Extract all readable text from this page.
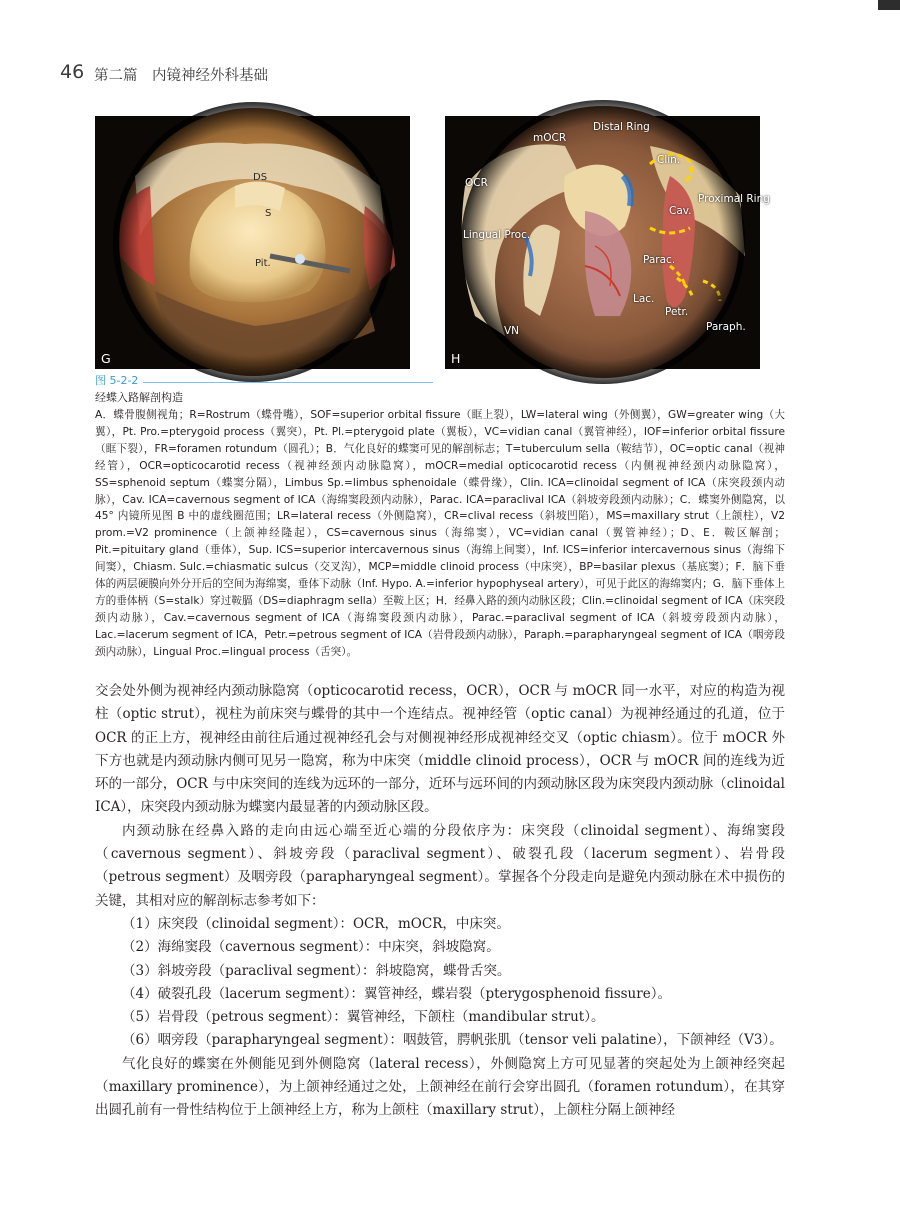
46 第二篇　内镜神经外科基础
DS
S
Pit.
G
Distal Ring
mOCR
Clin.
OCR
Proximal Ring
Cav.
Lingual Proc.
Parac.
Lac.
Petr.
Paraph.
VN
H
图 5-2-2
经蝶入路解剖构造
A．蝶骨腹侧视角；R=Rostrum（蝶骨嘴），SOF=superior orbital fissure（眶上裂），LW=lateral wing（外侧翼），GW=greater wing（大翼），Pt. Pro.=pterygoid process（翼突），Pt. Pl.=pterygoid plate（翼板），VC=vidian canal（翼管神经），IOF=inferior orbital fissure（眶下裂），FR=foramen rotundum（圆孔）；B．气化良好的蝶窦可见的解剖标志；T=tuberculum sella（鞍结节），OC=optic canal（视神经管），OCR=opticocarotid recess（视神经颈内动脉隐窝），mOCR=medial opticocarotid recess（内侧视神经颈内动脉隐窝），SS=sphenoid septum（蝶窦分隔），Limbus Sp.=limbus sphenoidale（蝶骨缘），Clin. ICA=clinoidal segment of ICA（床突段颈内动脉），Cav. ICA=cavernous segment of ICA（海绵窦段颈内动脉），Parac. ICA=paraclival ICA（斜坡旁段颈内动脉）；C．蝶窦外侧隐窝，以 45° 内镜所见图 B 中的虚线圈范围；LR=lateral recess（外侧隐窝），CR=clival recess（斜坡凹陷），MS=maxillary strut（上颌柱），V2 prom.=V2 prominence（上颌神经隆起），CS=cavernous sinus（海绵窦），VC=vidian canal（翼管神经）；D、E．鞍区解剖；Pit.=pituitary gland（垂体），Sup. ICS=superior intercavernous sinus（海绵上间窦），Inf. ICS=inferior intercavernous sinus（海绵下间窦），Chiasm. Sulc.=chiasmatic sulcus（交叉沟），MCP=middle clinoid process（中床突），BP=basilar plexus（基底窦）；F．脑下垂体的两层硬膜向外分开后的空间为海绵窦，垂体下动脉（Inf. Hypo. A.=inferior hypophyseal artery），可见于此区的海绵窦内；G．脑下垂体上方的垂体柄（S=stalk）穿过鞍膈（DS=diaphragm sella）至鞍上区；H．经鼻入路的颈内动脉区段；Clin.=clinoidal segment of ICA（床突段颈内动脉），Cav.=cavernous segment of ICA（海绵窦段颈内动脉），Parac.=paraclival segment of ICA（斜坡旁段颈内动脉），Lac.=lacerum segment of ICA，Petr.=petrous segment of ICA（岩骨段颈内动脉），Paraph.=parapharyngeal segment of ICA（咽旁段颈内动脉），Lingual Proc.=lingual process（舌突）。

交会处外侧为视神经内颈动脉隐窝（opticocarotid recess，OCR），OCR 与 mOCR 同一水平，对应的构造为视柱（optic strut），视柱为前床突与蝶骨的其中一个连结点。视神经管（optic canal）为视神经通过的孔道，位于 OCR 的正上方，视神经由前往后通过视神经孔会与对侧视神经形成视神经交叉（optic chiasm）。位于 mOCR 外下方也就是内颈动脉内侧可见另一隐窝，称为中床突（middle clinoid process），OCR 与 mOCR 间的连线为近环的一部分，OCR 与中床突间的连线为远环的一部分，近环与远环间的内颈动脉区段为床突段内颈动脉（clinoidal ICA），床突段内颈动脉为蝶窦内最显著的内颈动脉区段。

内颈动脉在经鼻入路的走向由远心端至近心端的分段依序为：床突段（clinoidal segment）、海绵窦段（cavernous segment）、斜坡旁段（paraclival segment）、破裂孔段（lacerum segment）、岩骨段（petrous segment）及咽旁段（parapharyngeal segment）。掌握各个分段走向是避免内颈动脉在术中损伤的关键，其相对应的解剖标志参考如下：

（1）床突段（clinoidal segment）：OCR，mOCR，中床突。
（2）海绵窦段（cavernous segment）：中床突，斜坡隐窝。
（3）斜坡旁段（paraclival segment）：斜坡隐窝，蝶骨舌突。
（4）破裂孔段（lacerum segment）：翼管神经，蝶岩裂（pterygosphenoid fissure）。
（5）岩骨段（petrous segment）：翼管神经，下颌柱（mandibular strut）。
（6）咽旁段（parapharyngeal segment）：咽鼓管，腭帆张肌（tensor veli palatine），下颌神经（V3）。

气化良好的蝶窦在外侧能见到外侧隐窝（lateral recess），外侧隐窝上方可见显著的突起处为上颌神经突起（maxillary prominence），为上颌神经通过之处，上颌神经在前行会穿出圆孔（foramen rotundum），在其穿出圆孔前有一骨性结构位于上颌神经上方，称为上颌柱（maxillary strut），上颌柱分隔上颌神经
